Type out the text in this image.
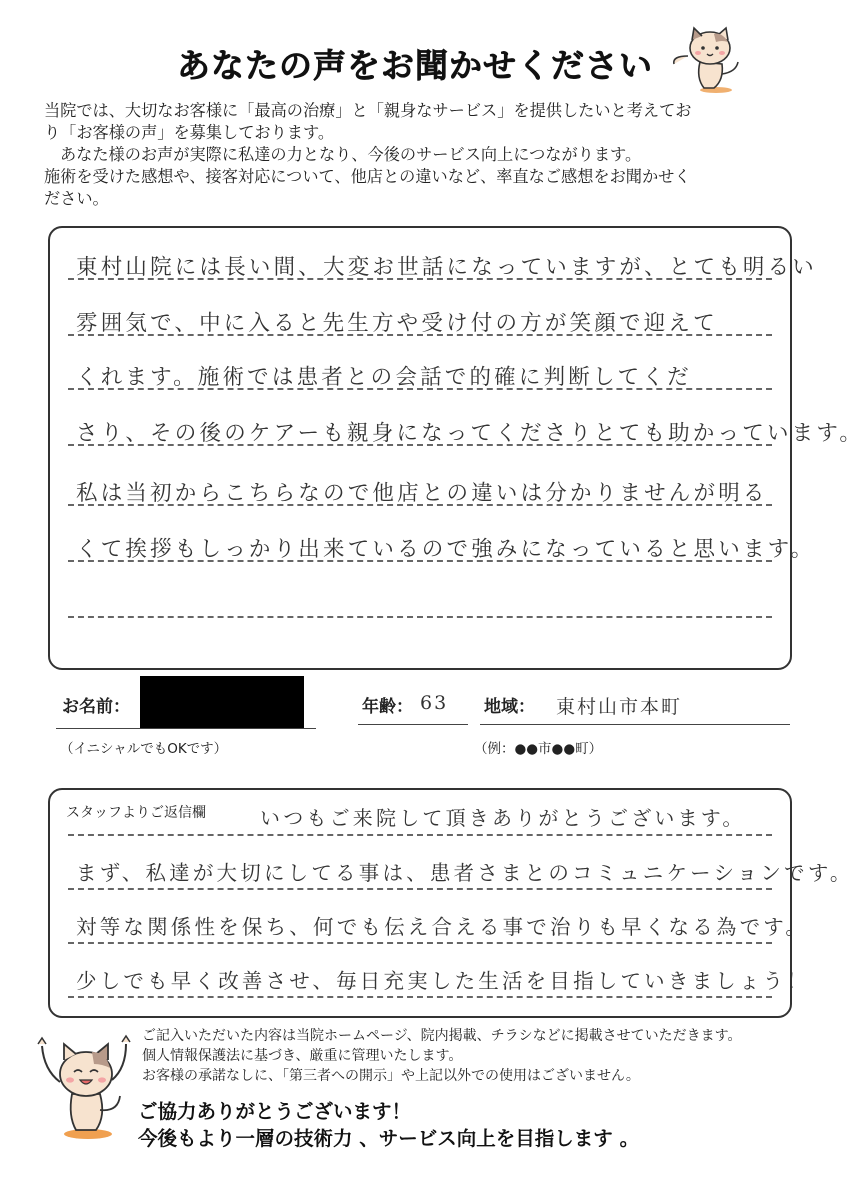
あなたの声をお聞かせください

当院では、大切なお客様に「最高の治療」と「親身なサービス」を提供したいと考えてお

り「お客様の声」を募集しております。

あなた様のお声が実際に私達の力となり、今後のサービス向上につながります。

施術を受けた感想や、接客対応について、他店との違いなど、率直なご感想をお聞かせく

ださい。

東村山院には長い間、大変お世話になっていますが、とても明るい
雰囲気で、中に入ると先生方や受け付の方が笑顔で迎えて
くれます。施術では患者との会話で的確に判断してくだ
さり、その後のケアーも親身になってくださりとても助かっています。
私は当初からこちらなので他店との違いは分かりませんが明る
くて挨拶もしっかり出来ているので強みになっていると思います。
お名前：
（イニシャルでもOKです）
年齢： 63 地域： 東村山市本町
（例：●●市●●町）
スタッフよりご返信欄	いつもご来院して頂きありがとうございます。
まず、私達が大切にしてる事は、患者さまとのコミュニケーションです。
対等な関係性を保ち、何でも伝え合える事で治りも早くなる為です。
少しでも早く改善させ、毎日充実した生活を目指していきましょう！

ご記入いただいた内容は当院ホームページ、院内掲載、チラシなどに掲載させていただきます。

個人情報保護法に基づき、厳重に管理いたします。

お客様の承諾なしに、「第三者への開示」や上記以外での使用はございません。

ご協力ありがとうございます！

今後もより一層の技術力 、サービス向上を目指します 。
